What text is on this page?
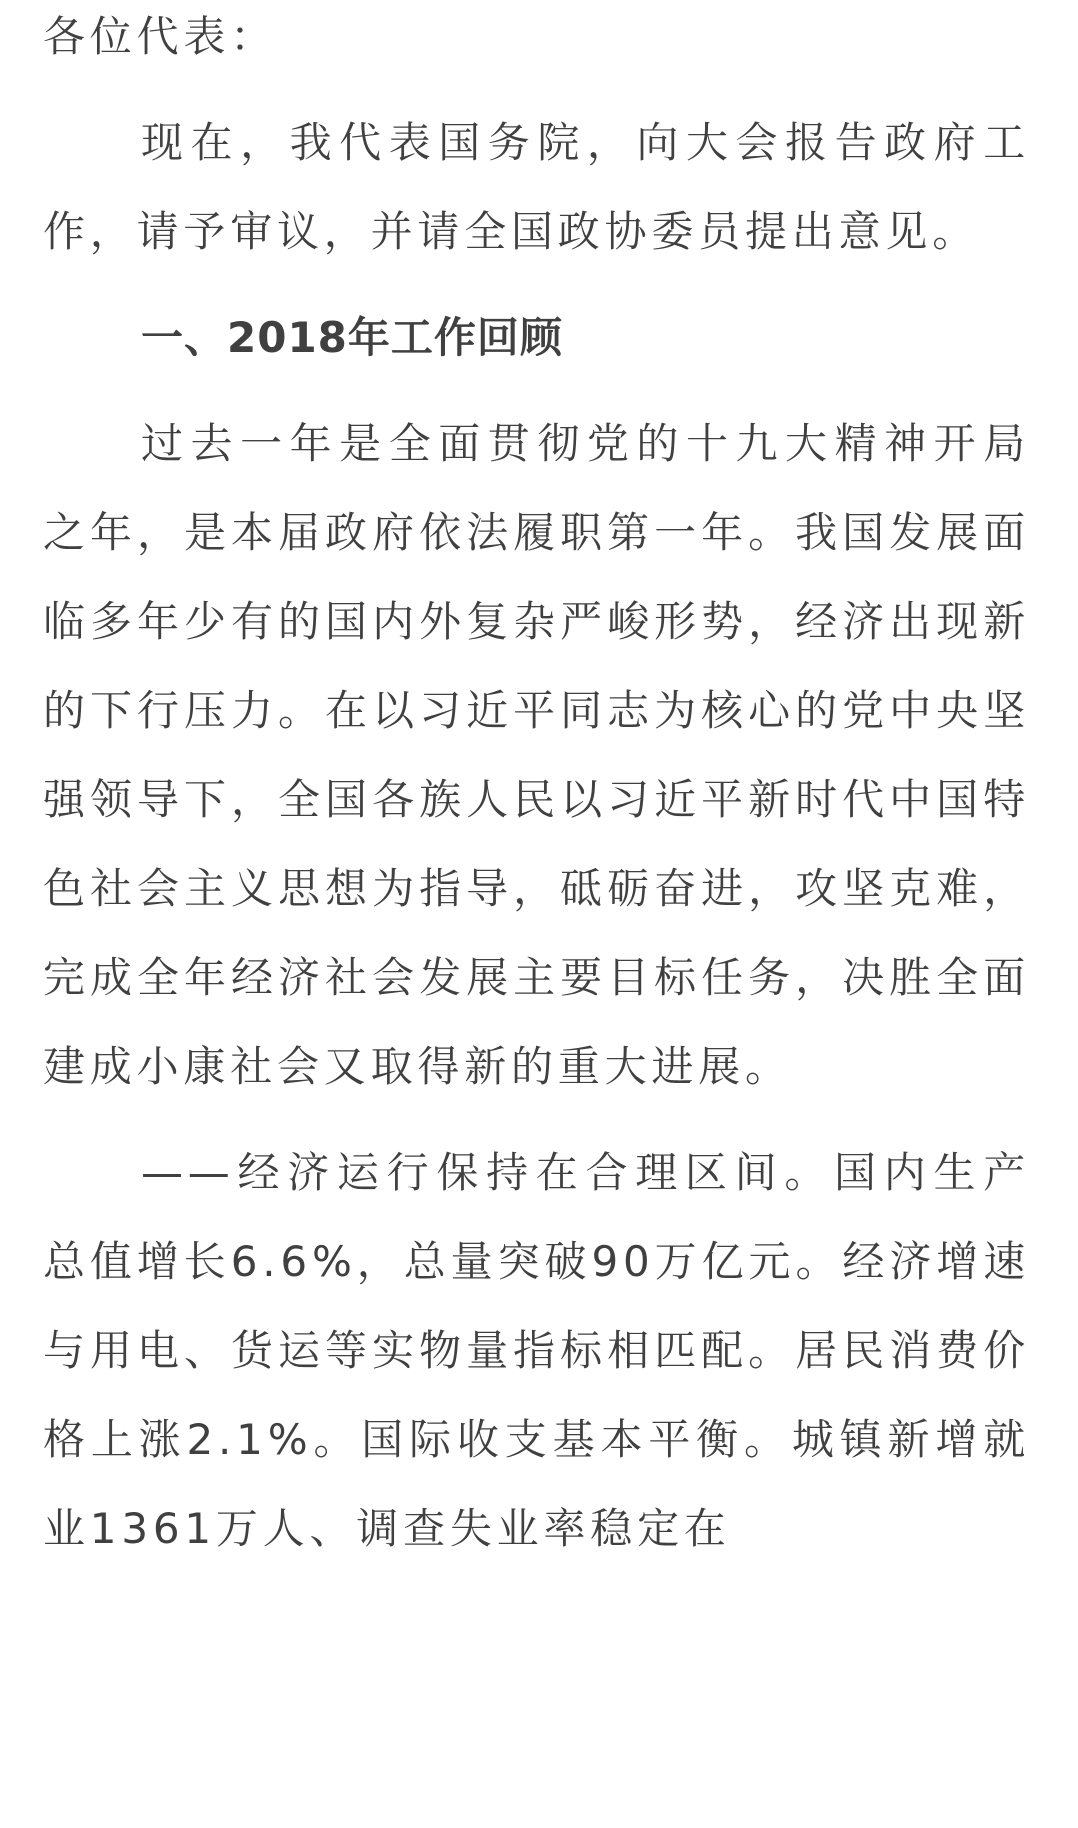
各位代表：

现在，我代表国务院，向大会报告政府工作，请予审议，并请全国政协委员提出意见。

一、2018年工作回顾

过去一年是全面贯彻党的十九大精神开局之年，是本届政府依法履职第一年。我国发展面临多年少有的国内外复杂严峻形势，经济出现新的下行压力。在以习近平同志为核心的党中央坚强领导下，全国各族人民以习近平新时代中国特色社会主义思想为指导，砥砺奋进，攻坚克难，完成全年经济社会发展主要目标任务，决胜全面建成小康社会又取得新的重大进展。

——经济运行保持在合理区间。国内生产总值增长6.6%，总量突破90万亿元。经济增速与用电、货运等实物量指标相匹配。居民消费价格上涨2.1%。国际收支基本平衡。城镇新增就业1361万人、调查失业率稳定在
